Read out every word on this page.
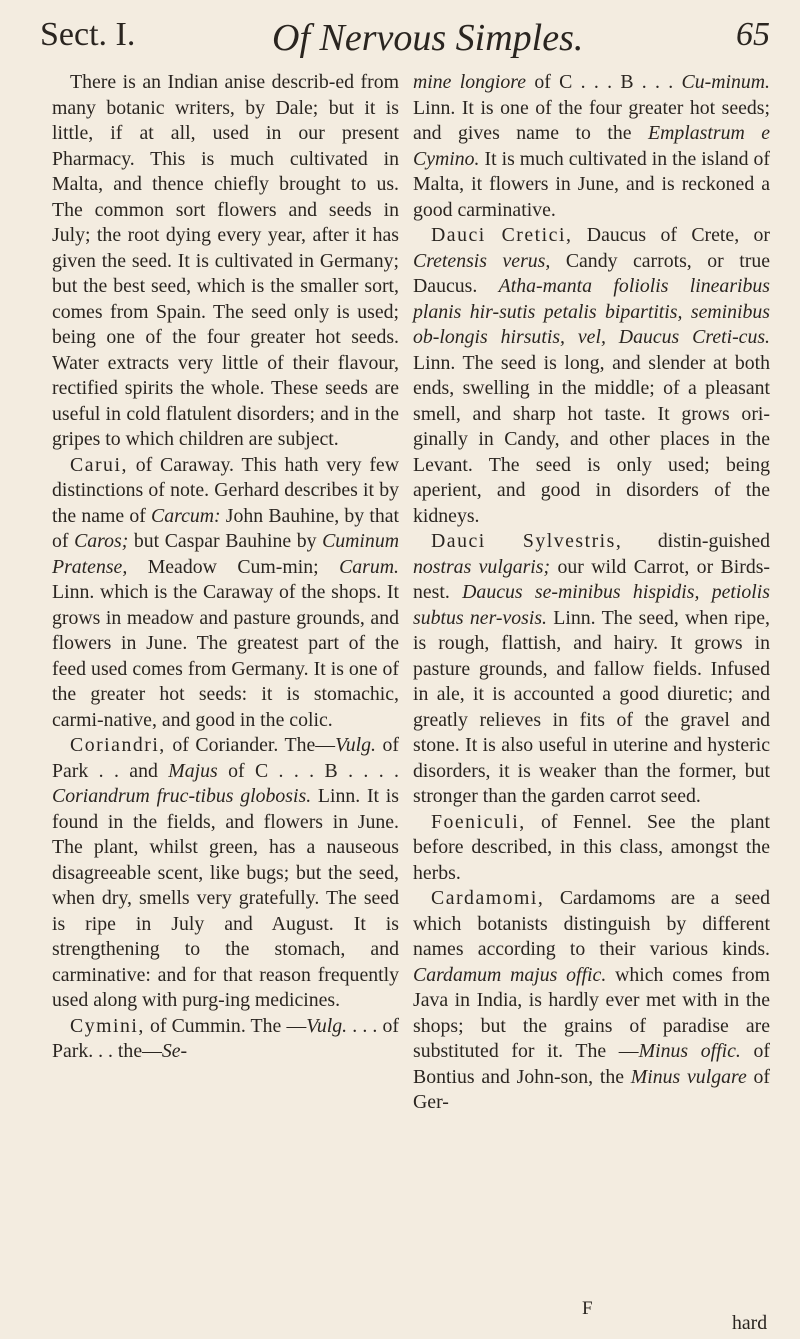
Sect. I.	Of Nervous Simples.	65

There is an Indian anise describ-ed from many botanic writers, by Dale; but it is little, if at all, used in our present Pharmacy. This is much cultivated in Malta, and thence chiefly brought to us. The common sort flowers and seeds in July; the root dying every year, after it has given the seed. It is cultivated in Germany; but the best seed, which is the smaller sort, comes from Spain. The seed only is used; being one of the four greater hot seeds. Water extracts very little of their flavour, rectified spirits the whole. These seeds are useful in cold flatulent disorders; and in the gripes to which children are subject.

Carui, of Caraway. This hath very few distinctions of note. Gerhard describes it by the name of Carcum: John Bauhine, by that of Caros; but Caspar Bauhine by Cuminum Pratense, Meadow Cum-min; Carum. Linn. which is the Caraway of the shops. It grows in meadow and pasture grounds, and flowers in June. The greatest part of the feed used comes from Germany. It is one of the greater hot seeds: it is stomachic, carmi-native, and good in the colic.

Coriandri, of Coriander. The—Vulg. of Park . . and Majus of C . . . B . . . . Coriandrum fruc-tibus globosis. Linn. It is found in the fields, and flowers in June. The plant, whilst green, has a nauseous disagreeable scent, like bugs; but the seed, when dry, smells very gratefully. The seed is ripe in July and August. It is strengthening to the stomach, and carminative: and for that reason frequently used along with purg-ing medicines.

Cymini, of Cummin. The —Vulg. . . . of Park. . . the—Se-

mine longiore of C . . . B . . . Cu-minum. Linn. It is one of the four greater hot seeds; and gives name to the Emplastrum e Cymino. It is much cultivated in the island of Malta, it flowers in June, and is reckoned a good carminative.

Dauci Cretici, Daucus of Crete, or Cretensis verus, Candy carrots, or true Daucus. Atha-manta foliolis linearibus planis hir-sutis petalis bipartitis, seminibus ob-longis hirsutis, vel, Daucus Creti-cus. Linn. The seed is long, and slender at both ends, swelling in the middle; of a pleasant smell, and sharp hot taste. It grows ori-ginally in Candy, and other places in the Levant. The seed is only used; being aperient, and good in disorders of the kidneys.

Dauci Sylvestris, distin-guished nostras vulgaris; our wild Carrot, or Birds-nest. Daucus se-minibus hispidis, petiolis subtus ner-vosis. Linn. The seed, when ripe, is rough, flattish, and hairy. It grows in pasture grounds, and fallow fields. Infused in ale, it is accounted a good diuretic; and greatly relieves in fits of the gravel and stone. It is also useful in uterine and hysteric disorders, it is weaker than the former, but stronger than the garden carrot seed.

Foeniculi, of Fennel. See the plant before described, in this class, amongst the herbs.

Cardamomi, Cardamoms are a seed which botanists distinguish by different names according to their various kinds. Cardamum majus offic. which comes from Java in India, is hardly ever met with in the shops; but the grains of paradise are substituted for it. The —Minus offic. of Bontius and John-son, the Minus vulgare of Ger-

F
hard
